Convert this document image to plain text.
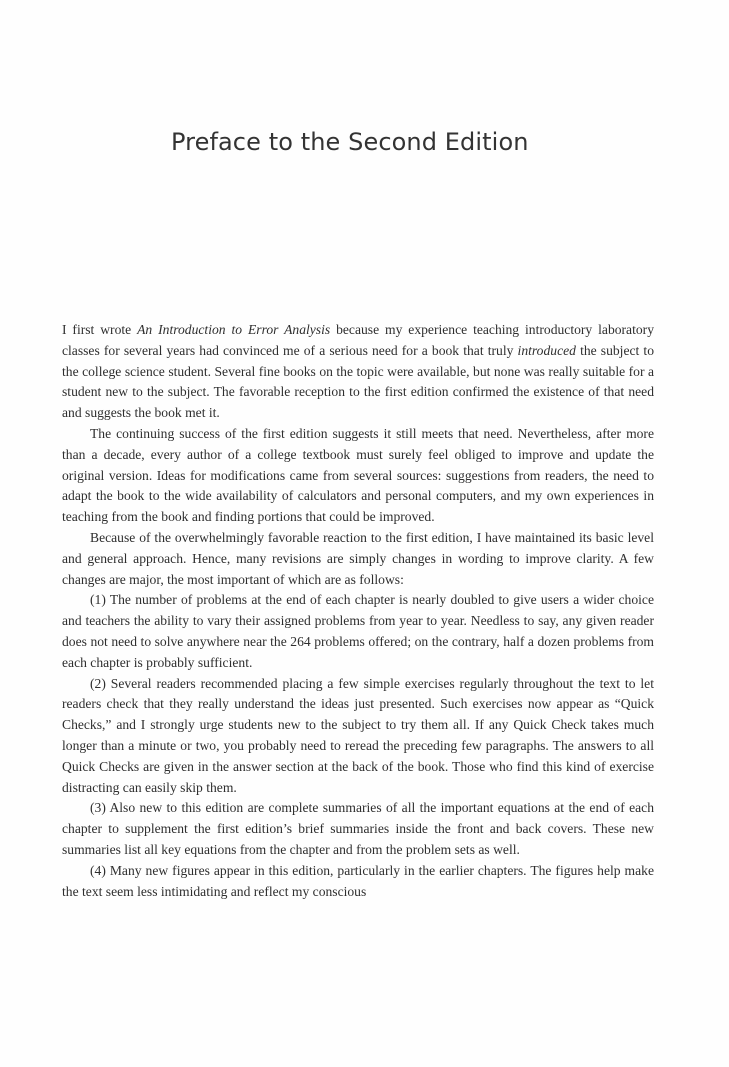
Preface to the Second Edition

I first wrote An Introduction to Error Analysis because my experience teaching introductory laboratory classes for several years had convinced me of a serious need for a book that truly introduced the subject to the college science student. Several fine books on the topic were available, but none was really suitable for a student new to the subject. The favorable reception to the first edition confirmed the existence of that need and suggests the book met it.

The continuing success of the first edition suggests it still meets that need. Nevertheless, after more than a decade, every author of a college textbook must surely feel obliged to improve and update the original version. Ideas for modifications came from several sources: suggestions from readers, the need to adapt the book to the wide availability of calculators and personal computers, and my own experiences in teaching from the book and finding portions that could be improved.

Because of the overwhelmingly favorable reaction to the first edition, I have maintained its basic level and general approach. Hence, many revisions are simply changes in wording to improve clarity. A few changes are major, the most important of which are as follows:

(1) The number of problems at the end of each chapter is nearly doubled to give users a wider choice and teachers the ability to vary their assigned problems from year to year. Needless to say, any given reader does not need to solve anywhere near the 264 problems offered; on the contrary, half a dozen problems from each chapter is probably sufficient.

(2) Several readers recommended placing a few simple exercises regularly throughout the text to let readers check that they really understand the ideas just presented. Such exercises now appear as “Quick Checks,” and I strongly urge students new to the subject to try them all. If any Quick Check takes much longer than a minute or two, you probably need to reread the preceding few paragraphs. The answers to all Quick Checks are given in the answer section at the back of the book. Those who find this kind of exercise distracting can easily skip them.

(3) Also new to this edition are complete summaries of all the important equations at the end of each chapter to supplement the first edition’s brief summaries inside the front and back covers. These new summaries list all key equations from the chapter and from the problem sets as well.

(4) Many new figures appear in this edition, particularly in the earlier chapters. The figures help make the text seem less intimidating and reflect my conscious
